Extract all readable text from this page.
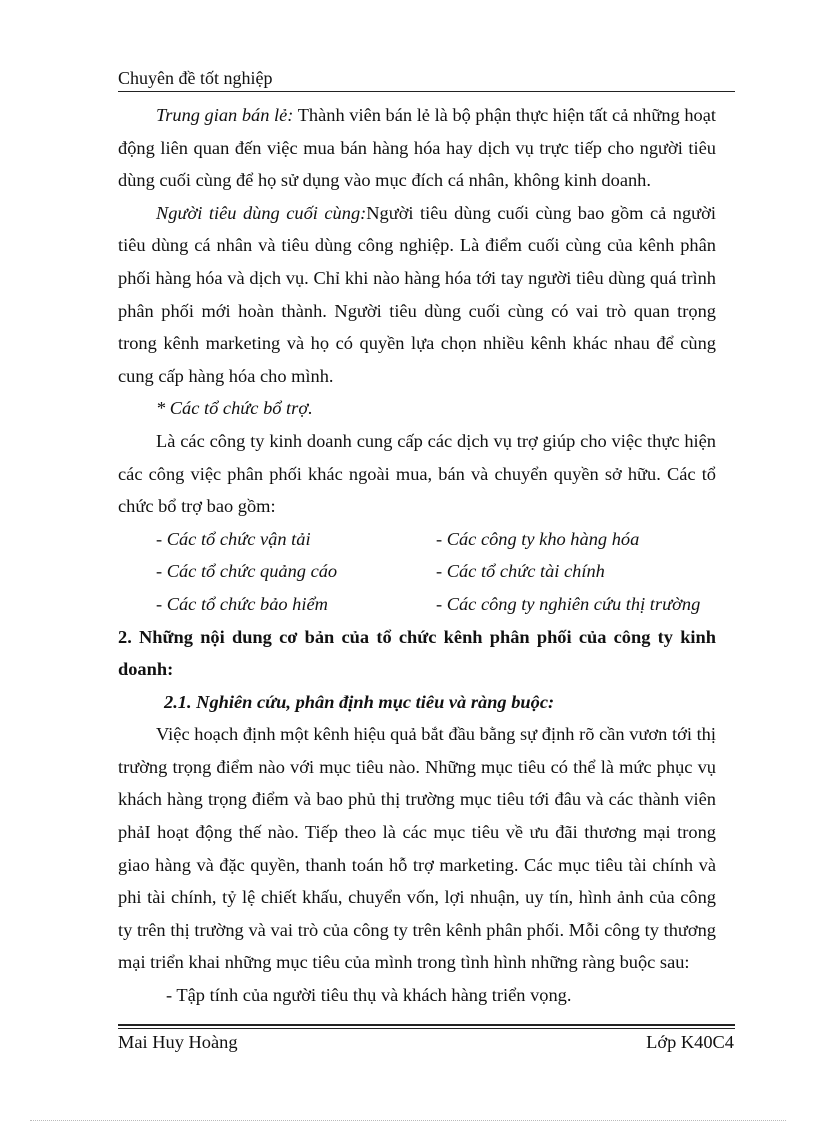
Chuyên đề tốt nghiệp

Trung gian bán lẻ: Thành viên bán lẻ là bộ phận thực hiện tất cả những hoạt động liên quan đến việc mua bán hàng hóa hay dịch vụ trực tiếp cho người tiêu dùng cuối cùng để họ sử dụng vào mục đích cá nhân, không kinh doanh.

Người tiêu dùng cuối cùng:Người tiêu dùng cuối cùng bao gồm cả người tiêu dùng cá nhân và tiêu dùng công nghiệp. Là điểm cuối cùng của kênh phân phối hàng hóa và dịch vụ. Chỉ khi nào hàng hóa tới tay người tiêu dùng quá trình phân phối mới hoàn thành. Người tiêu dùng cuối cùng có vai trò quan trọng trong kênh marketing và họ có quyền lựa chọn nhiều kênh khác nhau để cùng cung cấp hàng hóa cho mình.

* Các tổ chức bổ trợ.

Là các công ty kinh doanh cung cấp các dịch vụ trợ giúp cho việc thực hiện các công việc phân phối khác ngoài mua, bán và chuyển quyền sở hữu. Các tổ chức bổ trợ bao gồm:

- Các tổ chức vận tải	- Các công ty kho hàng hóa
- Các tổ chức quảng cáo	- Các tổ chức tài chính
- Các tổ chức bảo hiểm	- Các công ty nghiên cứu thị trường

2. Những nội dung cơ bản của tổ chức kênh phân phối của công ty kinh doanh:

2.1. Nghiên cứu, phân định mục tiêu và ràng buộc:

Việc hoạch định một kênh hiệu quả bắt đầu bằng sự định rõ cần vươn tới thị trường trọng điểm nào với mục tiêu nào. Những mục tiêu có thể là mức phục vụ khách hàng trọng điểm và bao phủ thị trường mục tiêu tới đâu và các thành viên phảI hoạt động thế nào. Tiếp theo là các mục tiêu về ưu đãi thương mại trong giao hàng và đặc quyền, thanh toán hỗ trợ marketing. Các mục tiêu tài chính và phi tài chính, tỷ lệ chiết khấu, chuyển vốn, lợi nhuận, uy tín, hình ảnh của công ty trên thị trường và vai trò của công ty trên kênh phân phối. Mỗi công ty thương mại triển khai những mục tiêu của mình trong tình hình những ràng buộc sau:

- Tập tính của người tiêu thụ và khách hàng triển vọng.

Mai Huy Hoàng	Lớp K40C4
